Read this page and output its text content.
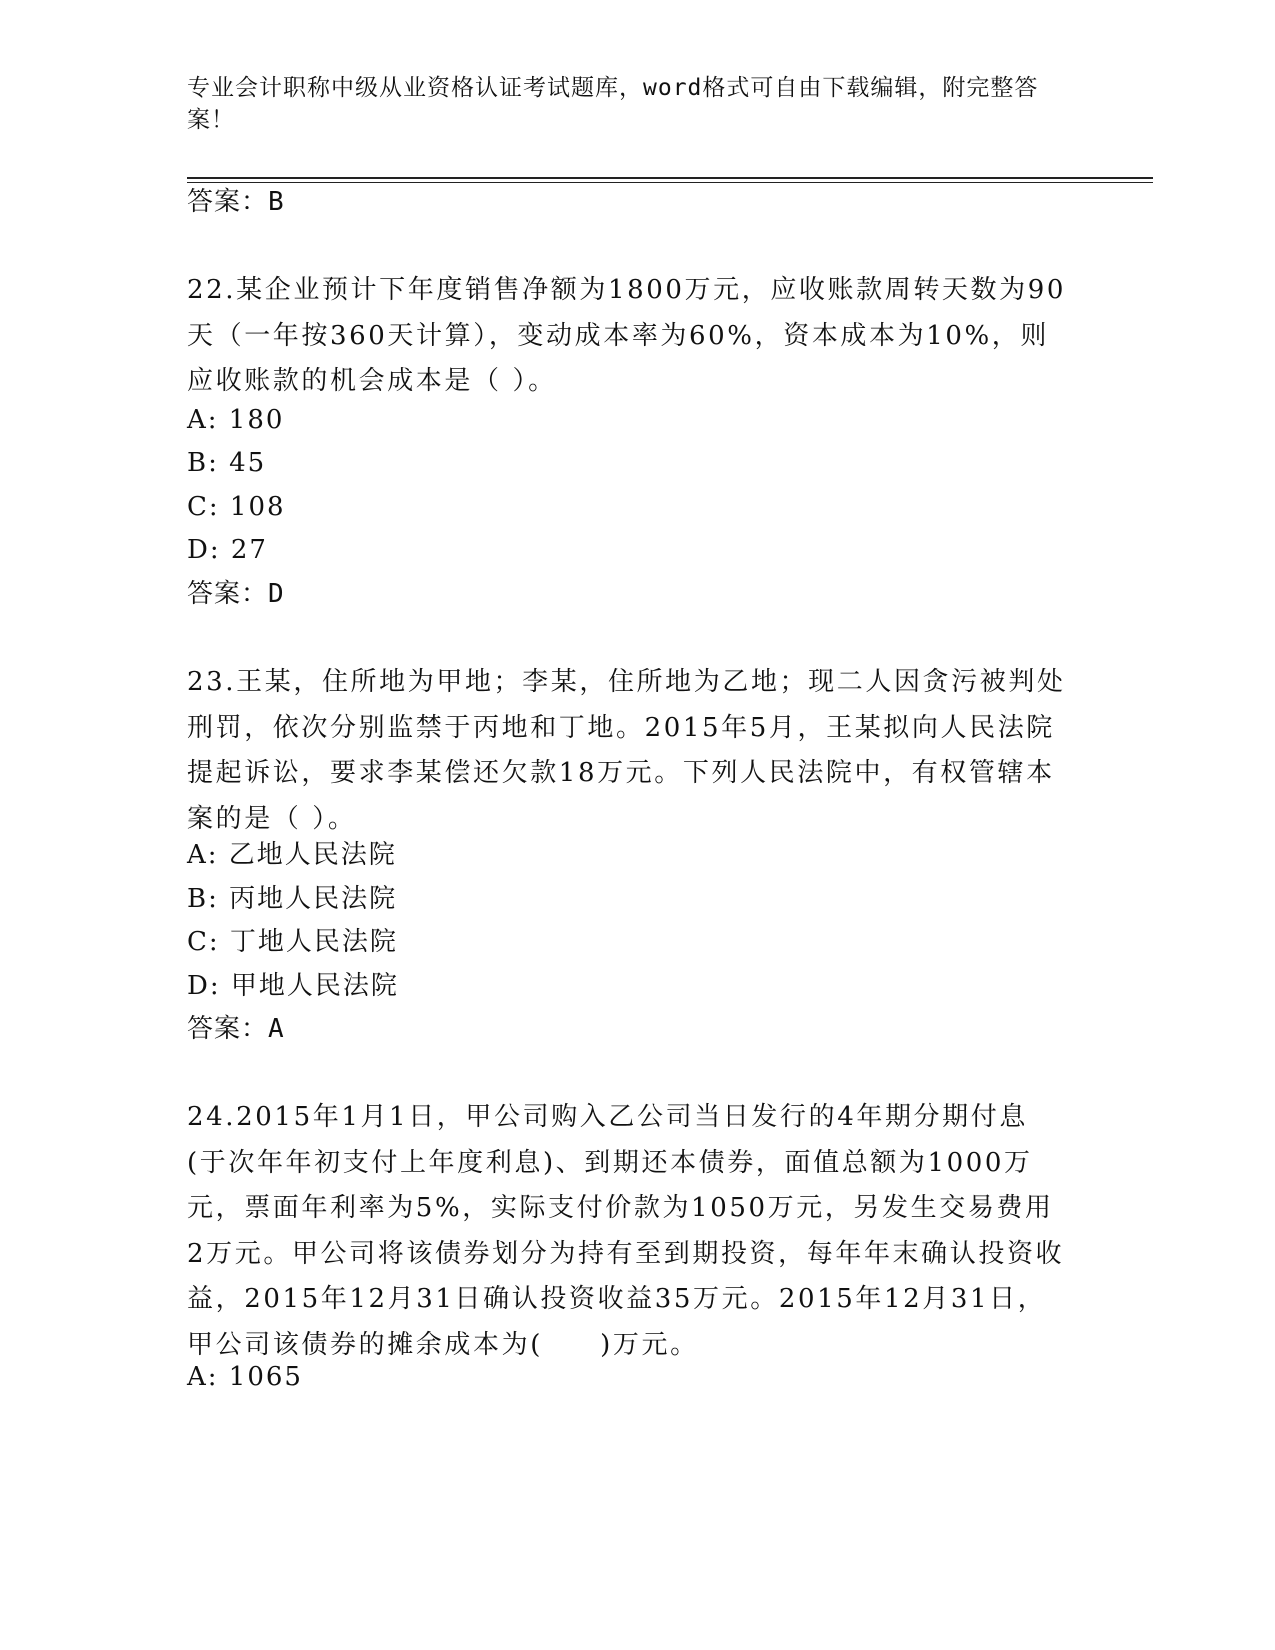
专业会计职称中级从业资格认证考试题库，word格式可自由下载编辑，附完整答案！
答案：B
22.某企业预计下年度销售净额为1800万元，应收账款周转天数为90天（一年按360天计算），变动成本率为60%，资本成本为10%，则应收账款的机会成本是（ ）。
A: 180
B: 45
C: 108
D: 27
答案：D
23.王某，住所地为甲地；李某，住所地为乙地；现二人因贪污被判处刑罚，依次分别监禁于丙地和丁地。2015年5月，王某拟向人民法院提起诉讼，要求李某偿还欠款18万元。下列人民法院中，有权管辖本案的是（ ）。
A: 乙地人民法院
B: 丙地人民法院
C: 丁地人民法院
D: 甲地人民法院
答案：A
24.2015年1月1日，甲公司购入乙公司当日发行的4年期分期付息(于次年年初支付上年度利息)、到期还本债券，面值总额为1000万元，票面年利率为5%，实际支付价款为1050万元，另发生交易费用2万元。甲公司将该债券划分为持有至到期投资，每年年末确认投资收益，2015年12月31日确认投资收益35万元。2015年12月31日，甲公司该债券的摊余成本为(　　)万元。
A: 1065
